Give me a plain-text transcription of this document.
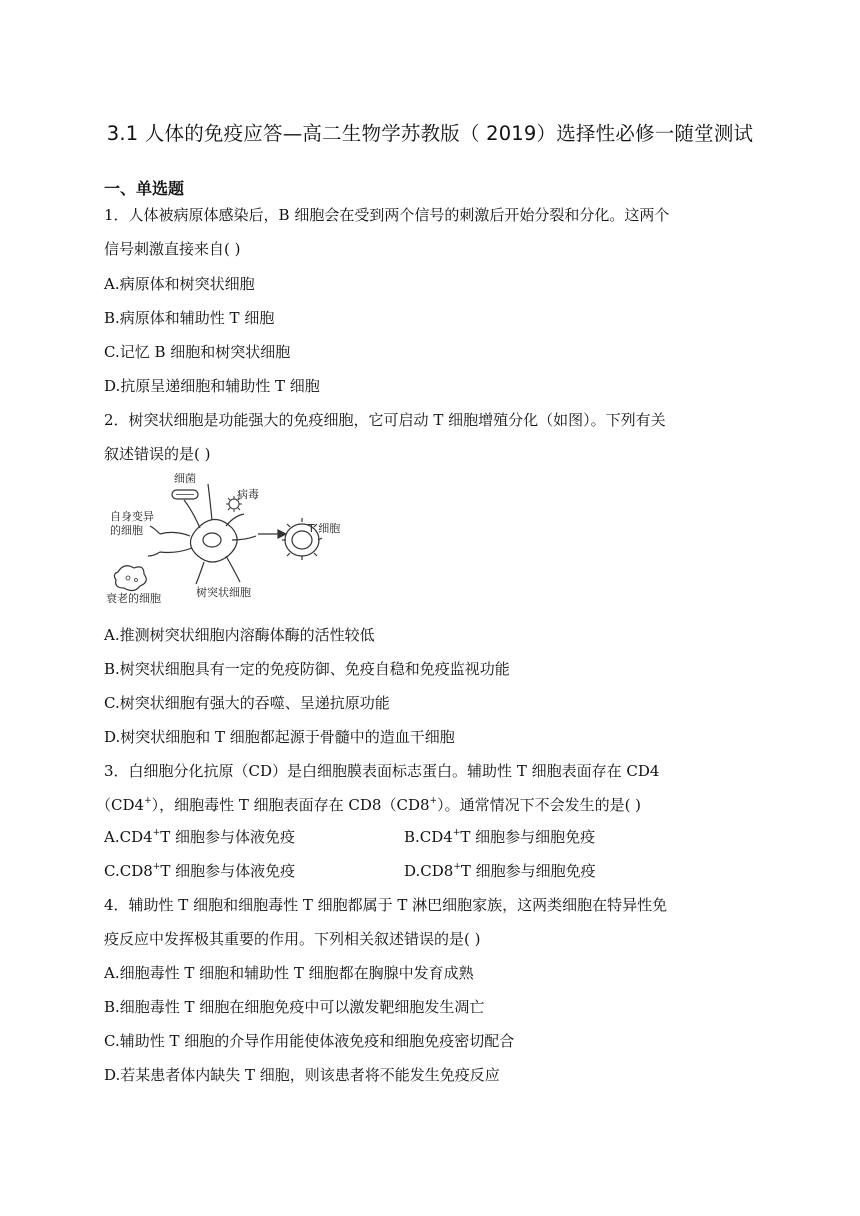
3.1 人体的免疫应答—高二生物学苏教版（ 2019）选择性必修一随堂测试
一、单选题
1．人体被病原体感染后，B 细胞会在受到两个信号的刺激后开始分裂和分化。这两个
信号刺激直接来自( )
A.病原体和树突状细胞
B.病原体和辅助性 T 细胞
C.记忆 B 细胞和树突状细胞
D.抗原呈递细胞和辅助性 T 细胞
2．树突状细胞是功能强大的免疫细胞，它可启动 T 细胞增殖分化（如图）。下列有关
叙述错误的是( )
细菌
病毒
自身变异
的细胞	T 细胞
衰老的细胞	树突状细胞
A.推测树突状细胞内溶酶体酶的活性较低
B.树突状细胞具有一定的免疫防御、免疫自稳和免疫监视功能
C.树突状细胞有强大的吞噬、呈递抗原功能
D.树突状细胞和 T 细胞都起源于骨髓中的造血干细胞
3．白细胞分化抗原（CD）是白细胞膜表面标志蛋白。辅助性 T 细胞表面存在 CD4
（CD4+），细胞毒性 T 细胞表面存在 CD8（CD8+）。通常情况下不会发生的是( )
A.CD4+T 细胞参与体液免疫	B.CD4+T 细胞参与细胞免疫
C.CD8+T 细胞参与体液免疫	D.CD8+T 细胞参与细胞免疫
4．辅助性 T 细胞和细胞毒性 T 细胞都属于 T 淋巴细胞家族，这两类细胞在特异性免
疫反应中发挥极其重要的作用。下列相关叙述错误的是( )
A.细胞毒性 T 细胞和辅助性 T 细胞都在胸腺中发育成熟
B.细胞毒性 T 细胞在细胞免疫中可以激发靶细胞发生凋亡
C.辅助性 T 细胞的介导作用能使体液免疫和细胞免疫密切配合
D.若某患者体内缺失 T 细胞，则该患者将不能发生免疫反应
